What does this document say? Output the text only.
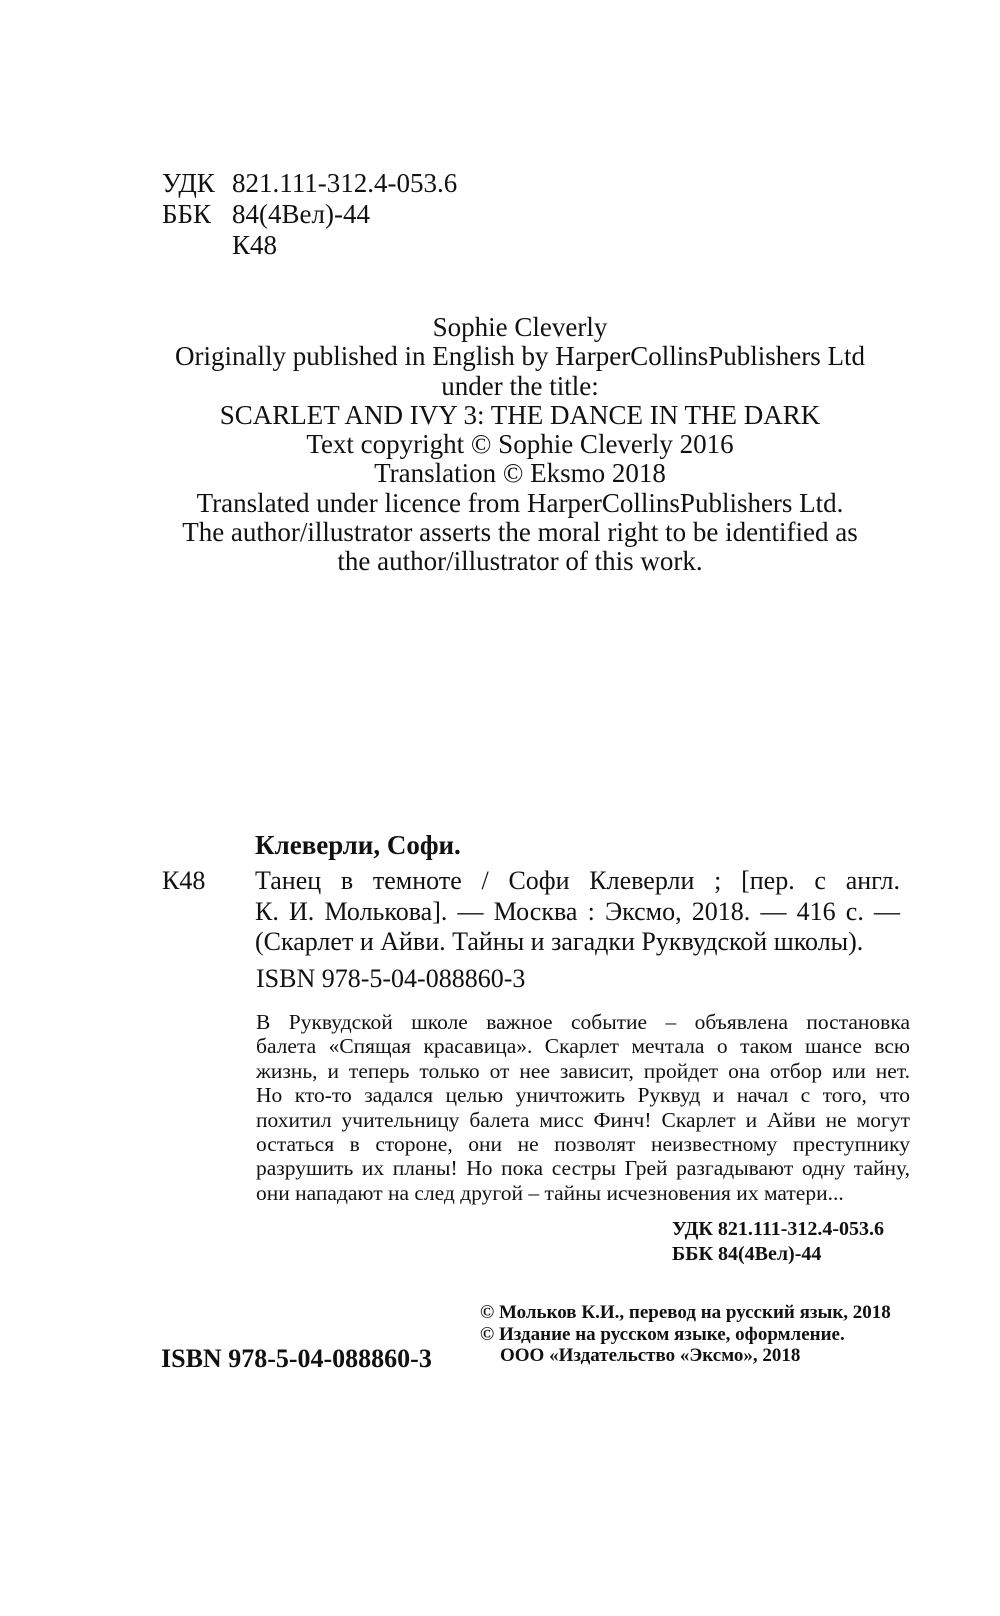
УДК 821.111-312.4-053.6
ББК 84(4Вел)-44
К48
Sophie Cleverly
Originally published in English by HarperCollinsPublishers Ltd
under the title:
SCARLET AND IVY 3: THE DANCE IN THE DARK
Text copyright © Sophie Cleverly 2016
Translation © Eksmo 2018
Translated under licence from HarperCollinsPublishers Ltd.
The author/illustrator asserts the moral right to be identified as
the author/illustrator of this work.
Клеверли, Софи.
К48 Танец в темноте / Софи Клеверли ; [пер. с англ.
К. И. Молькова]. — Москва : Эксмо, 2018. — 416 с. —
(Скарлет и Айви. Тайны и загадки Руквудской школы).
ISBN 978-5-04-088860-3
В Руквудской школе важное событие – объявлена постановка
балета «Спящая красавица». Скарлет мечтала о таком шансе всю
жизнь, и теперь только от нее зависит, пройдет она отбор или нет.
Но кто-то задался целью уничтожить Руквуд и начал с того, что
похитил учительницу балета мисс Финч! Скарлет и Айви не могут
остаться в стороне, они не позволят неизвестному преступнику
разрушить их планы! Но пока сестры Грей разгадывают одну тайну,
они нападают на след другой – тайны исчезновения их матери...
УДК 821.111-312.4-053.6
ББК 84(4Вел)-44
© Мольков К.И., перевод на русский язык, 2018
© Издание на русском языке, оформление.
ООО «Издательство «Эксмо», 2018
ISBN 978-5-04-088860-3
